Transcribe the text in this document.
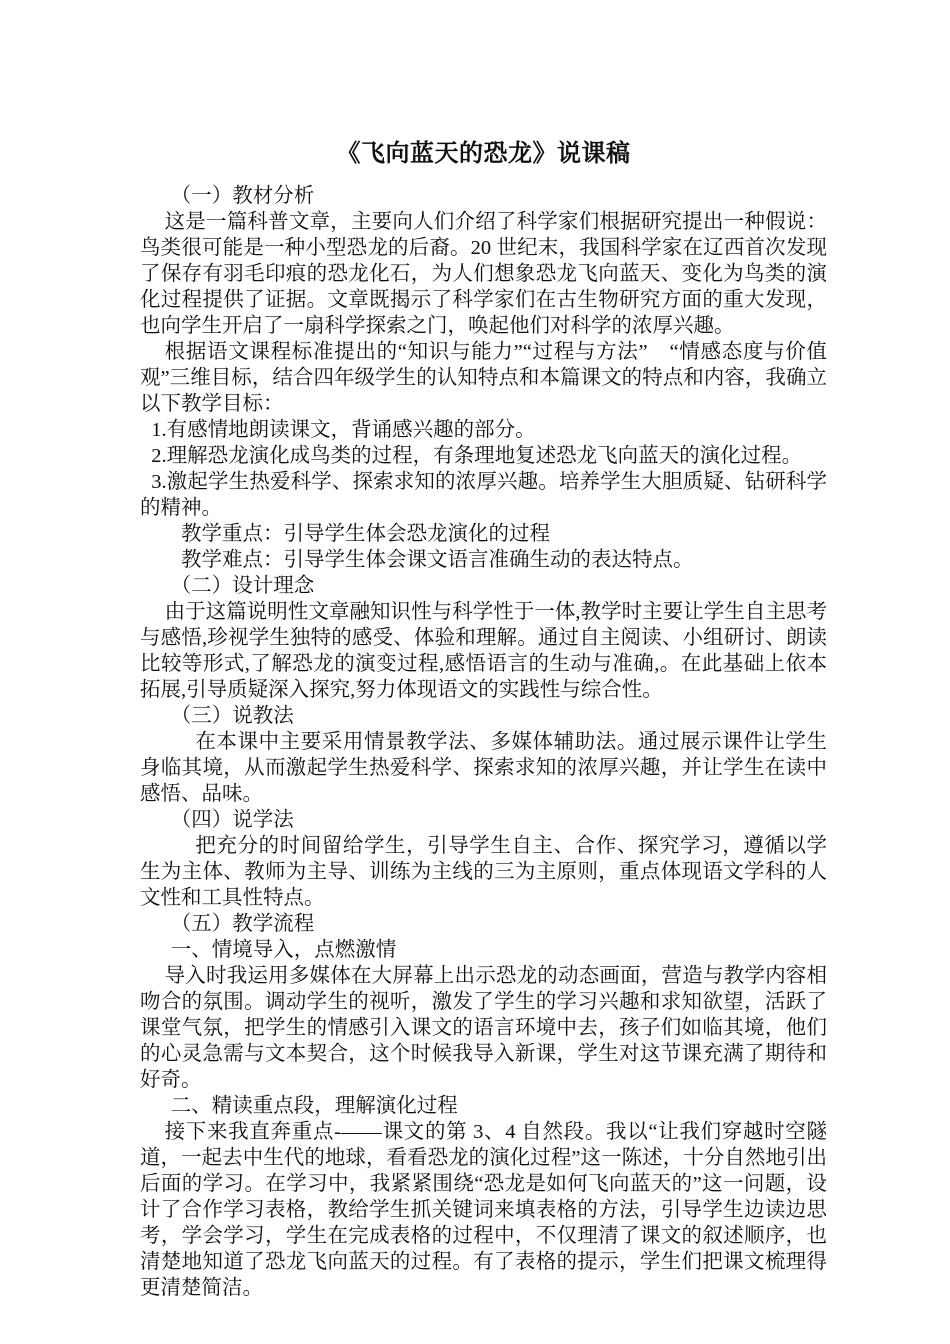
《飞向蓝天的恐龙》说课稿

（一）教材分析

这是一篇科普文章，主要向人们介绍了科学家们根据研究提出一种假说：鸟类很可能是一种小型恐龙的后裔。20 世纪末，我国科学家在辽西首次发现了保存有羽毛印痕的恐龙化石，为人们想象恐龙飞向蓝天、变化为鸟类的演化过程提供了证据。文章既揭示了科学家们在古生物研究方面的重大发现，也向学生开启了一扇科学探索之门，唤起他们对科学的浓厚兴趣。

根据语文课程标准提出的“知识与能力”“过程与方法”　“情感态度与价值观”三维目标，结合四年级学生的认知特点和本篇课文的特点和内容，我确立以下教学目标：

1.有感情地朗读课文，背诵感兴趣的部分。

2.理解恐龙演化成鸟类的过程，有条理地复述恐龙飞向蓝天的演化过程。

3.激起学生热爱科学、探索求知的浓厚兴趣。培养学生大胆质疑、钻研科学的精神。

教学重点：引导学生体会恐龙演化的过程

教学难点：引导学生体会课文语言准确生动的表达特点。

（二）设计理念

由于这篇说明性文章融知识性与科学性于一体,教学时主要让学生自主思考与感悟,珍视学生独特的感受、体验和理解。通过自主阅读、小组研讨、朗读比较等形式,了解恐龙的演变过程,感悟语言的生动与准确,。在此基础上依本拓展,引导质疑深入探究,努力体现语文的实践性与综合性。

（三）说教法

在本课中主要采用情景教学法、多媒体辅助法。通过展示课件让学生身临其境，从而激起学生热爱科学、探索求知的浓厚兴趣，并让学生在读中感悟、品味。

（四）说学法

把充分的时间留给学生，引导学生自主、合作、探究学习，遵循以学生为主体、教师为主导、训练为主线的三为主原则，重点体现语文学科的人文性和工具性特点。

（五）教学流程

一、情境导入，点燃激情

导入时我运用多媒体在大屏幕上出示恐龙的动态画面，营造与教学内容相吻合的氛围。调动学生的视听，激发了学生的学习兴趣和求知欲望，活跃了课堂气氛，把学生的情感引入课文的语言环境中去，孩子们如临其境，他们的心灵急需与文本契合，这个时候我导入新课，学生对这节课充满了期待和好奇。

二、精读重点段，理解演化过程

接下来我直奔重点-——课文的第 3、4 自然段。我以“让我们穿越时空隧道，一起去中生代的地球，看看恐龙的演化过程”这一陈述，十分自然地引出后面的学习。在学习中，我紧紧围绕“恐龙是如何飞向蓝天的”这一问题，设计了合作学习表格，教给学生抓关键词来填表格的方法，引导学生边读边思考，学会学习，学生在完成表格的过程中，不仅理清了课文的叙述顺序，也清楚地知道了恐龙飞向蓝天的过程。有了表格的提示，学生们把课文梳理得更清楚简洁。
